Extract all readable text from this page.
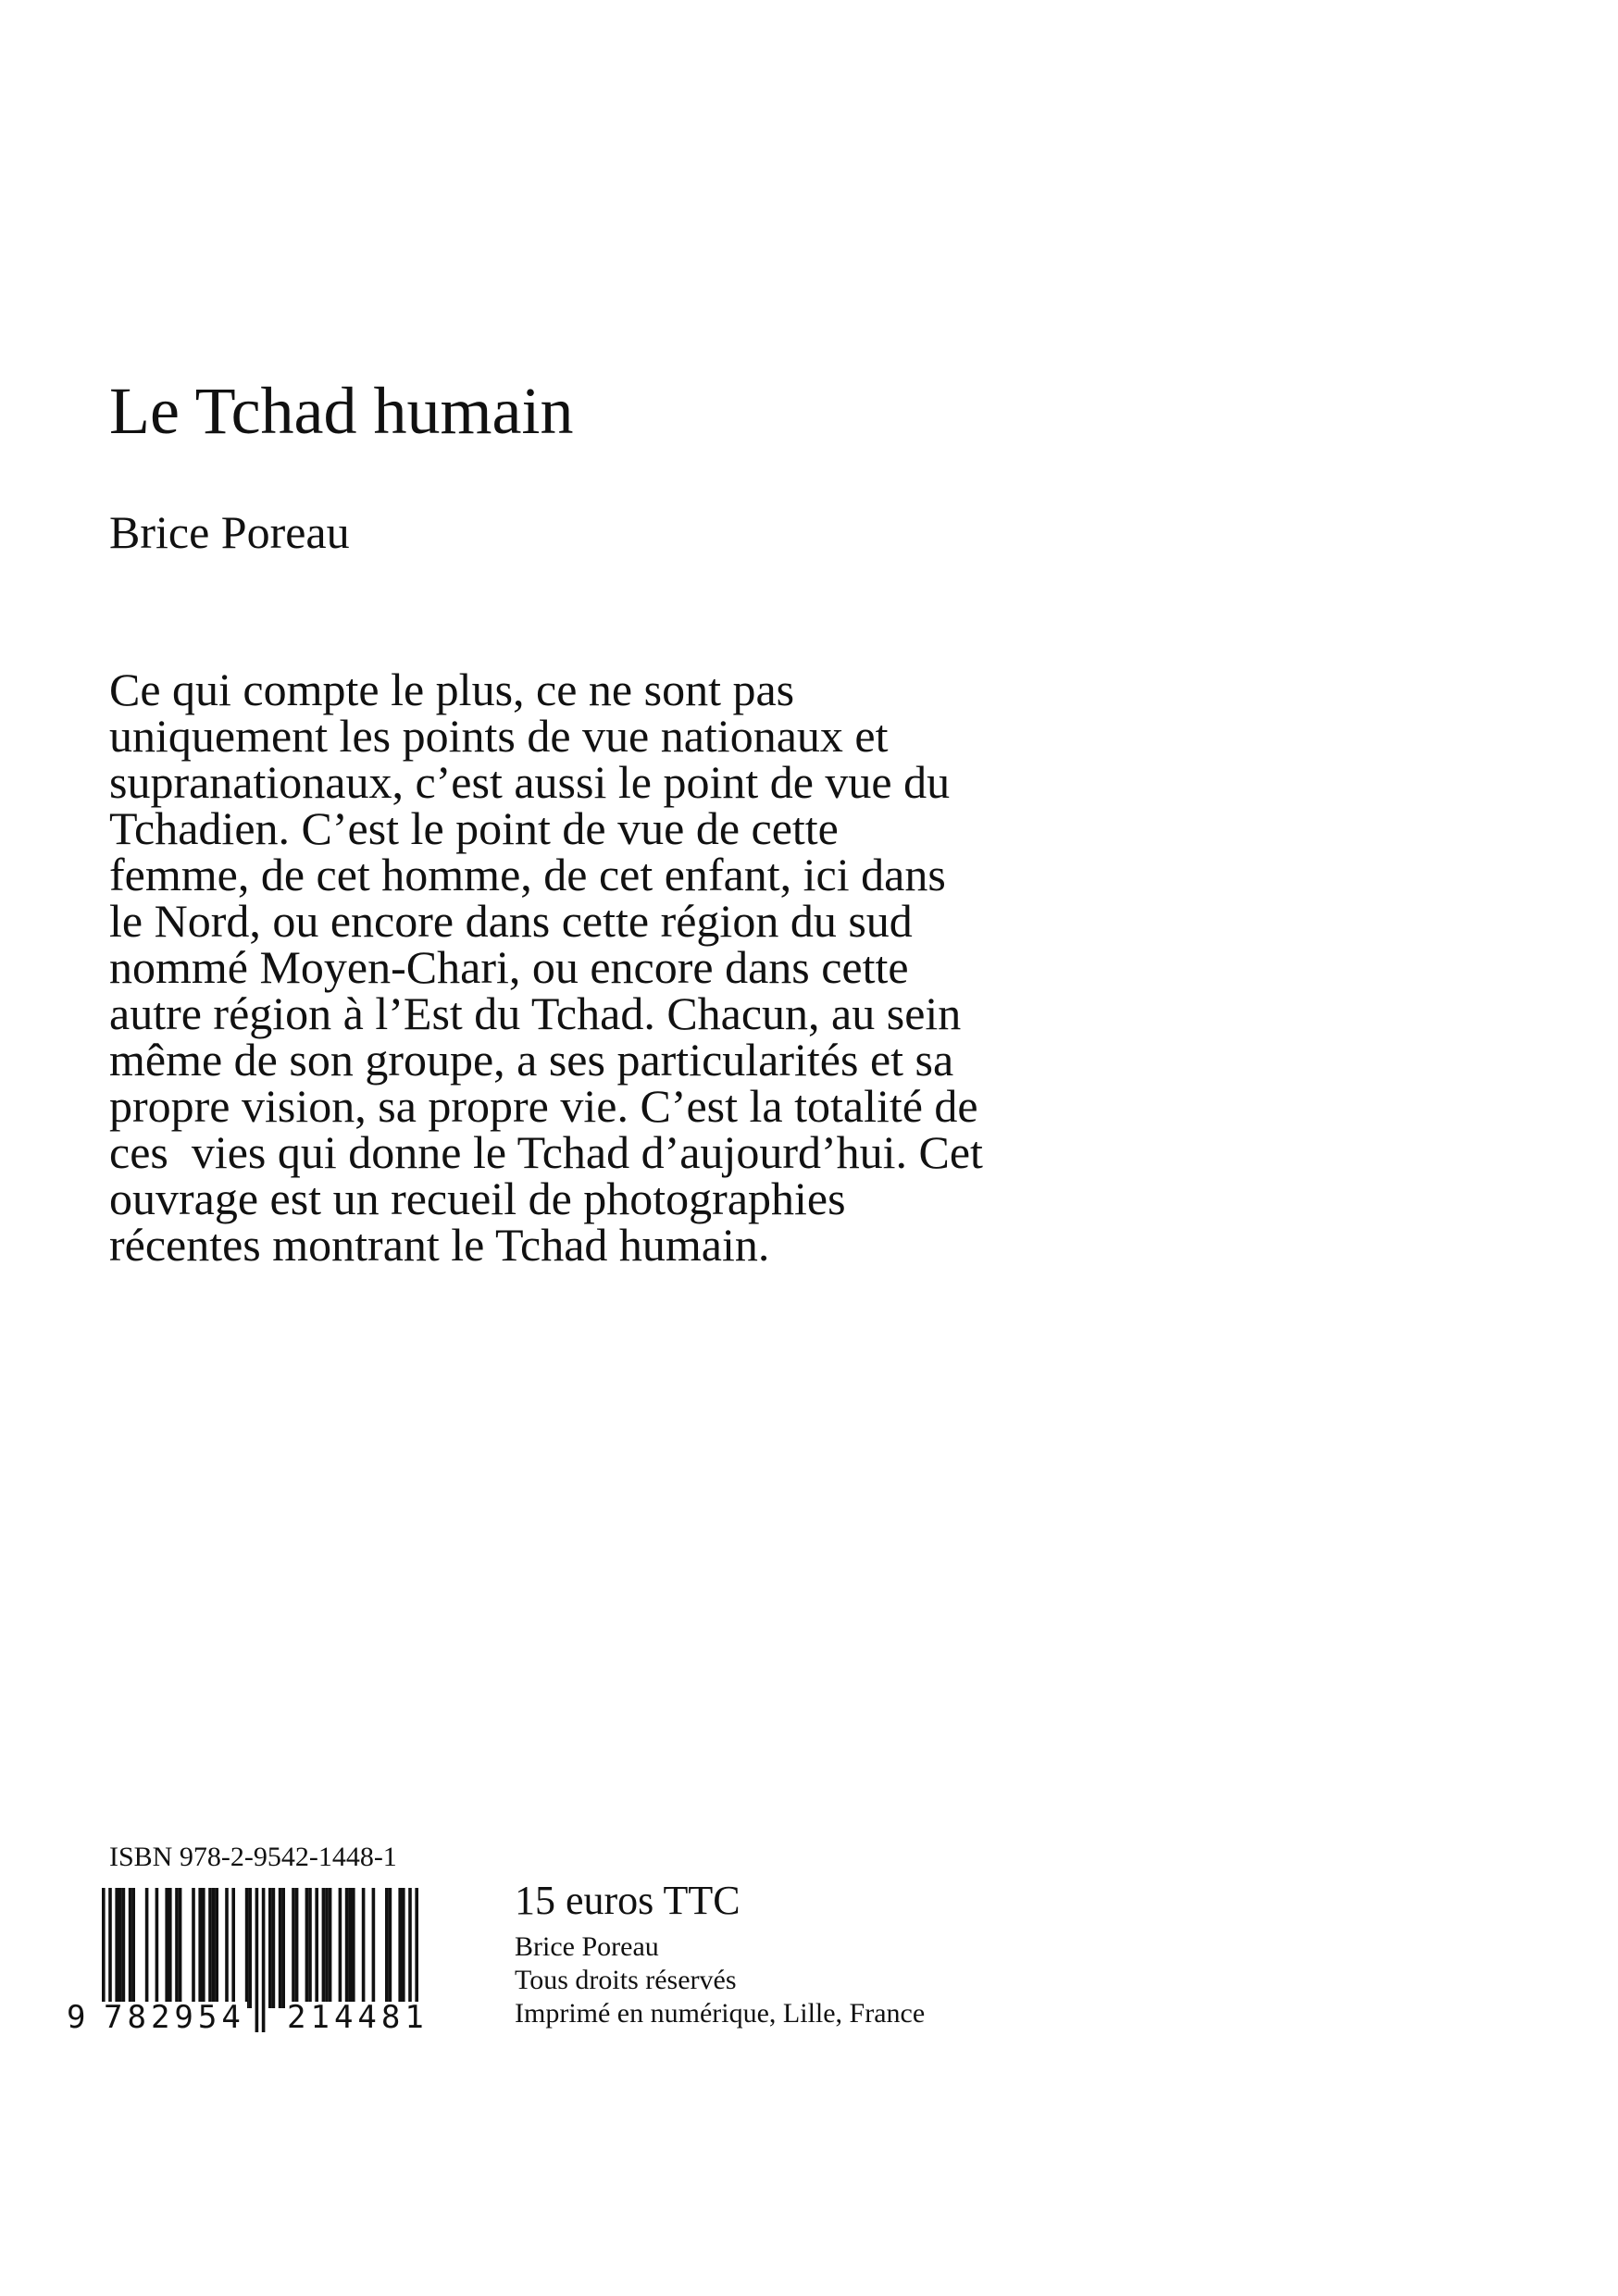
Le Tchad humain
Brice Poreau
Ce qui compte le plus, ce ne sont pas
uniquement les points de vue nationaux et
supranationaux, c’est aussi le point de vue du
Tchadien. C’est le point de vue de cette
femme, de cet homme, de cet enfant, ici dans
le Nord, ou encore dans cette région du sud
nommé Moyen-Chari, ou encore dans cette
autre région à l’Est du Tchad. Chacun, au sein
même de son groupe, a ses particularités et sa
propre vision, sa propre vie. C’est la totalité de
ces  vies qui donne le Tchad d’aujourd’hui. Cet
ouvrage est un recueil de photographies
récentes montrant le Tchad humain.
ISBN 978-2-9542-1448-1
9 782954 214481
15 euros TTC
Brice Poreau
Tous droits réservés
Imprimé en numérique, Lille, France
